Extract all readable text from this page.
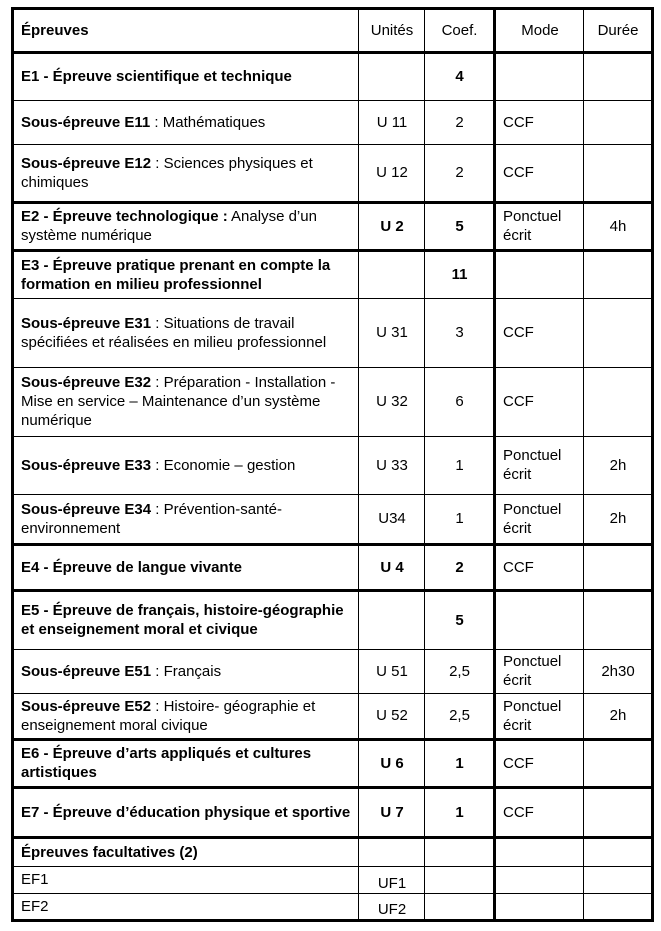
Épreuves	Unités	Coef.	Mode	Durée
E1 - Épreuve scientifique et technique		4		
Sous-épreuve E11 : Mathématiques	U 11	2	CCF	
Sous-épreuve E12 : Sciences physiques et chimiques	U 12	2	CCF	
E2 - Épreuve technologique : Analyse d’un système numérique	U 2	5	Ponctuel écrit	4h
E3 - Épreuve pratique prenant en compte la formation en milieu professionnel		11		
Sous-épreuve E31 : Situations de travail spécifiées et réalisées en milieu professionnel	U 31	3	CCF	
Sous-épreuve E32 : Préparation - Installation - Mise en service – Maintenance d’un système numérique	U 32	6	CCF	
Sous-épreuve E33 : Economie – gestion	U 33	1	Ponctuel écrit	2h
Sous-épreuve E34 : Prévention-santé-environnement	U34	1	Ponctuel écrit	2h
E4 - Épreuve de langue vivante	U 4	2	CCF	
E5 - Épreuve de français, histoire-géographie et enseignement moral et civique		5		
Sous-épreuve E51 : Français	U 51	2,5	Ponctuel écrit	2h30
Sous-épreuve E52 : Histoire- géographie et enseignement moral civique	U 52	2,5	Ponctuel écrit	2h
E6 - Épreuve d’arts appliqués et cultures artistiques	U 6	1	CCF	
E7 - Épreuve d’éducation physique et sportive	U 7	1	CCF	
Épreuves facultatives (2)				
EF1	UF1			
EF2	UF2			
